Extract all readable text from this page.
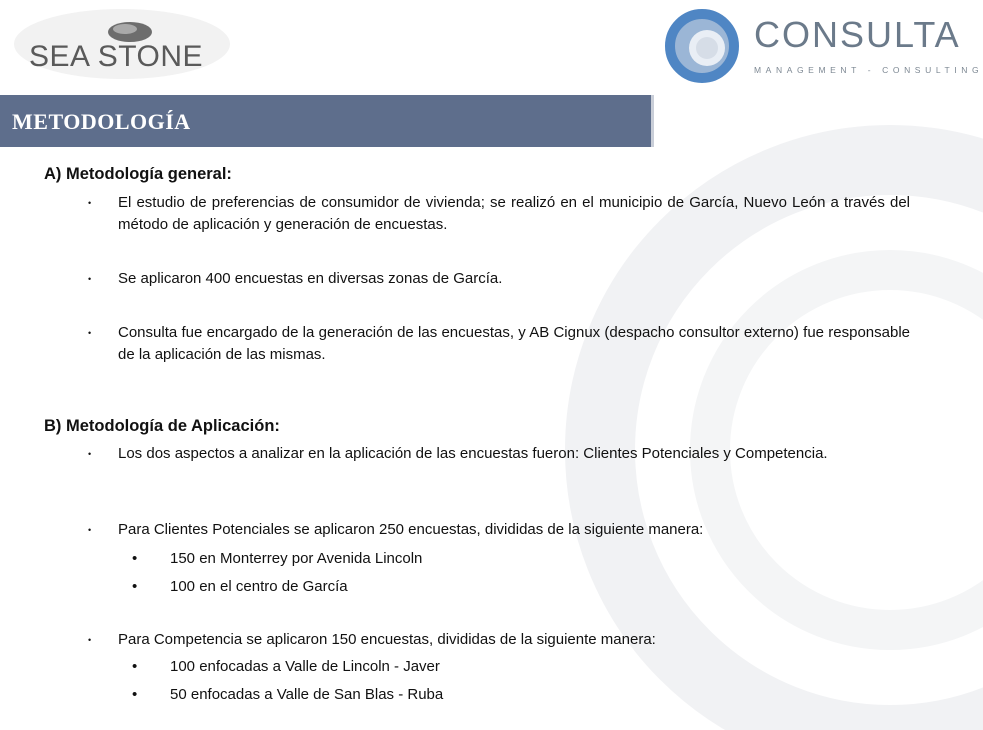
SEA STONE
CONSULTA
MANAGEMENT - CONSULTING
METODOLOGÍA
A) Metodología general:
• El estudio de preferencias de consumidor de vivienda; se realizó en el municipio de García, Nuevo León a través del método de aplicación y generación de encuestas.
• Se aplicaron 400 encuestas en diversas zonas de García.
• Consulta fue encargado de la generación de las encuestas, y AB Cignux (despacho consultor externo) fue responsable de la aplicación de las mismas.
B) Metodología de Aplicación:
• Los dos aspectos a analizar en la aplicación de las encuestas fueron: Clientes Potenciales y Competencia.
• Para Clientes Potenciales se aplicaron 250 encuestas, divididas de la siguiente manera:
• 150 en Monterrey por Avenida Lincoln
• 100 en el centro de García
• Para Competencia se aplicaron 150 encuestas, divididas de la siguiente manera:
• 100 enfocadas a Valle de Lincoln - Javer
• 50 enfocadas a Valle de San Blas - Ruba
